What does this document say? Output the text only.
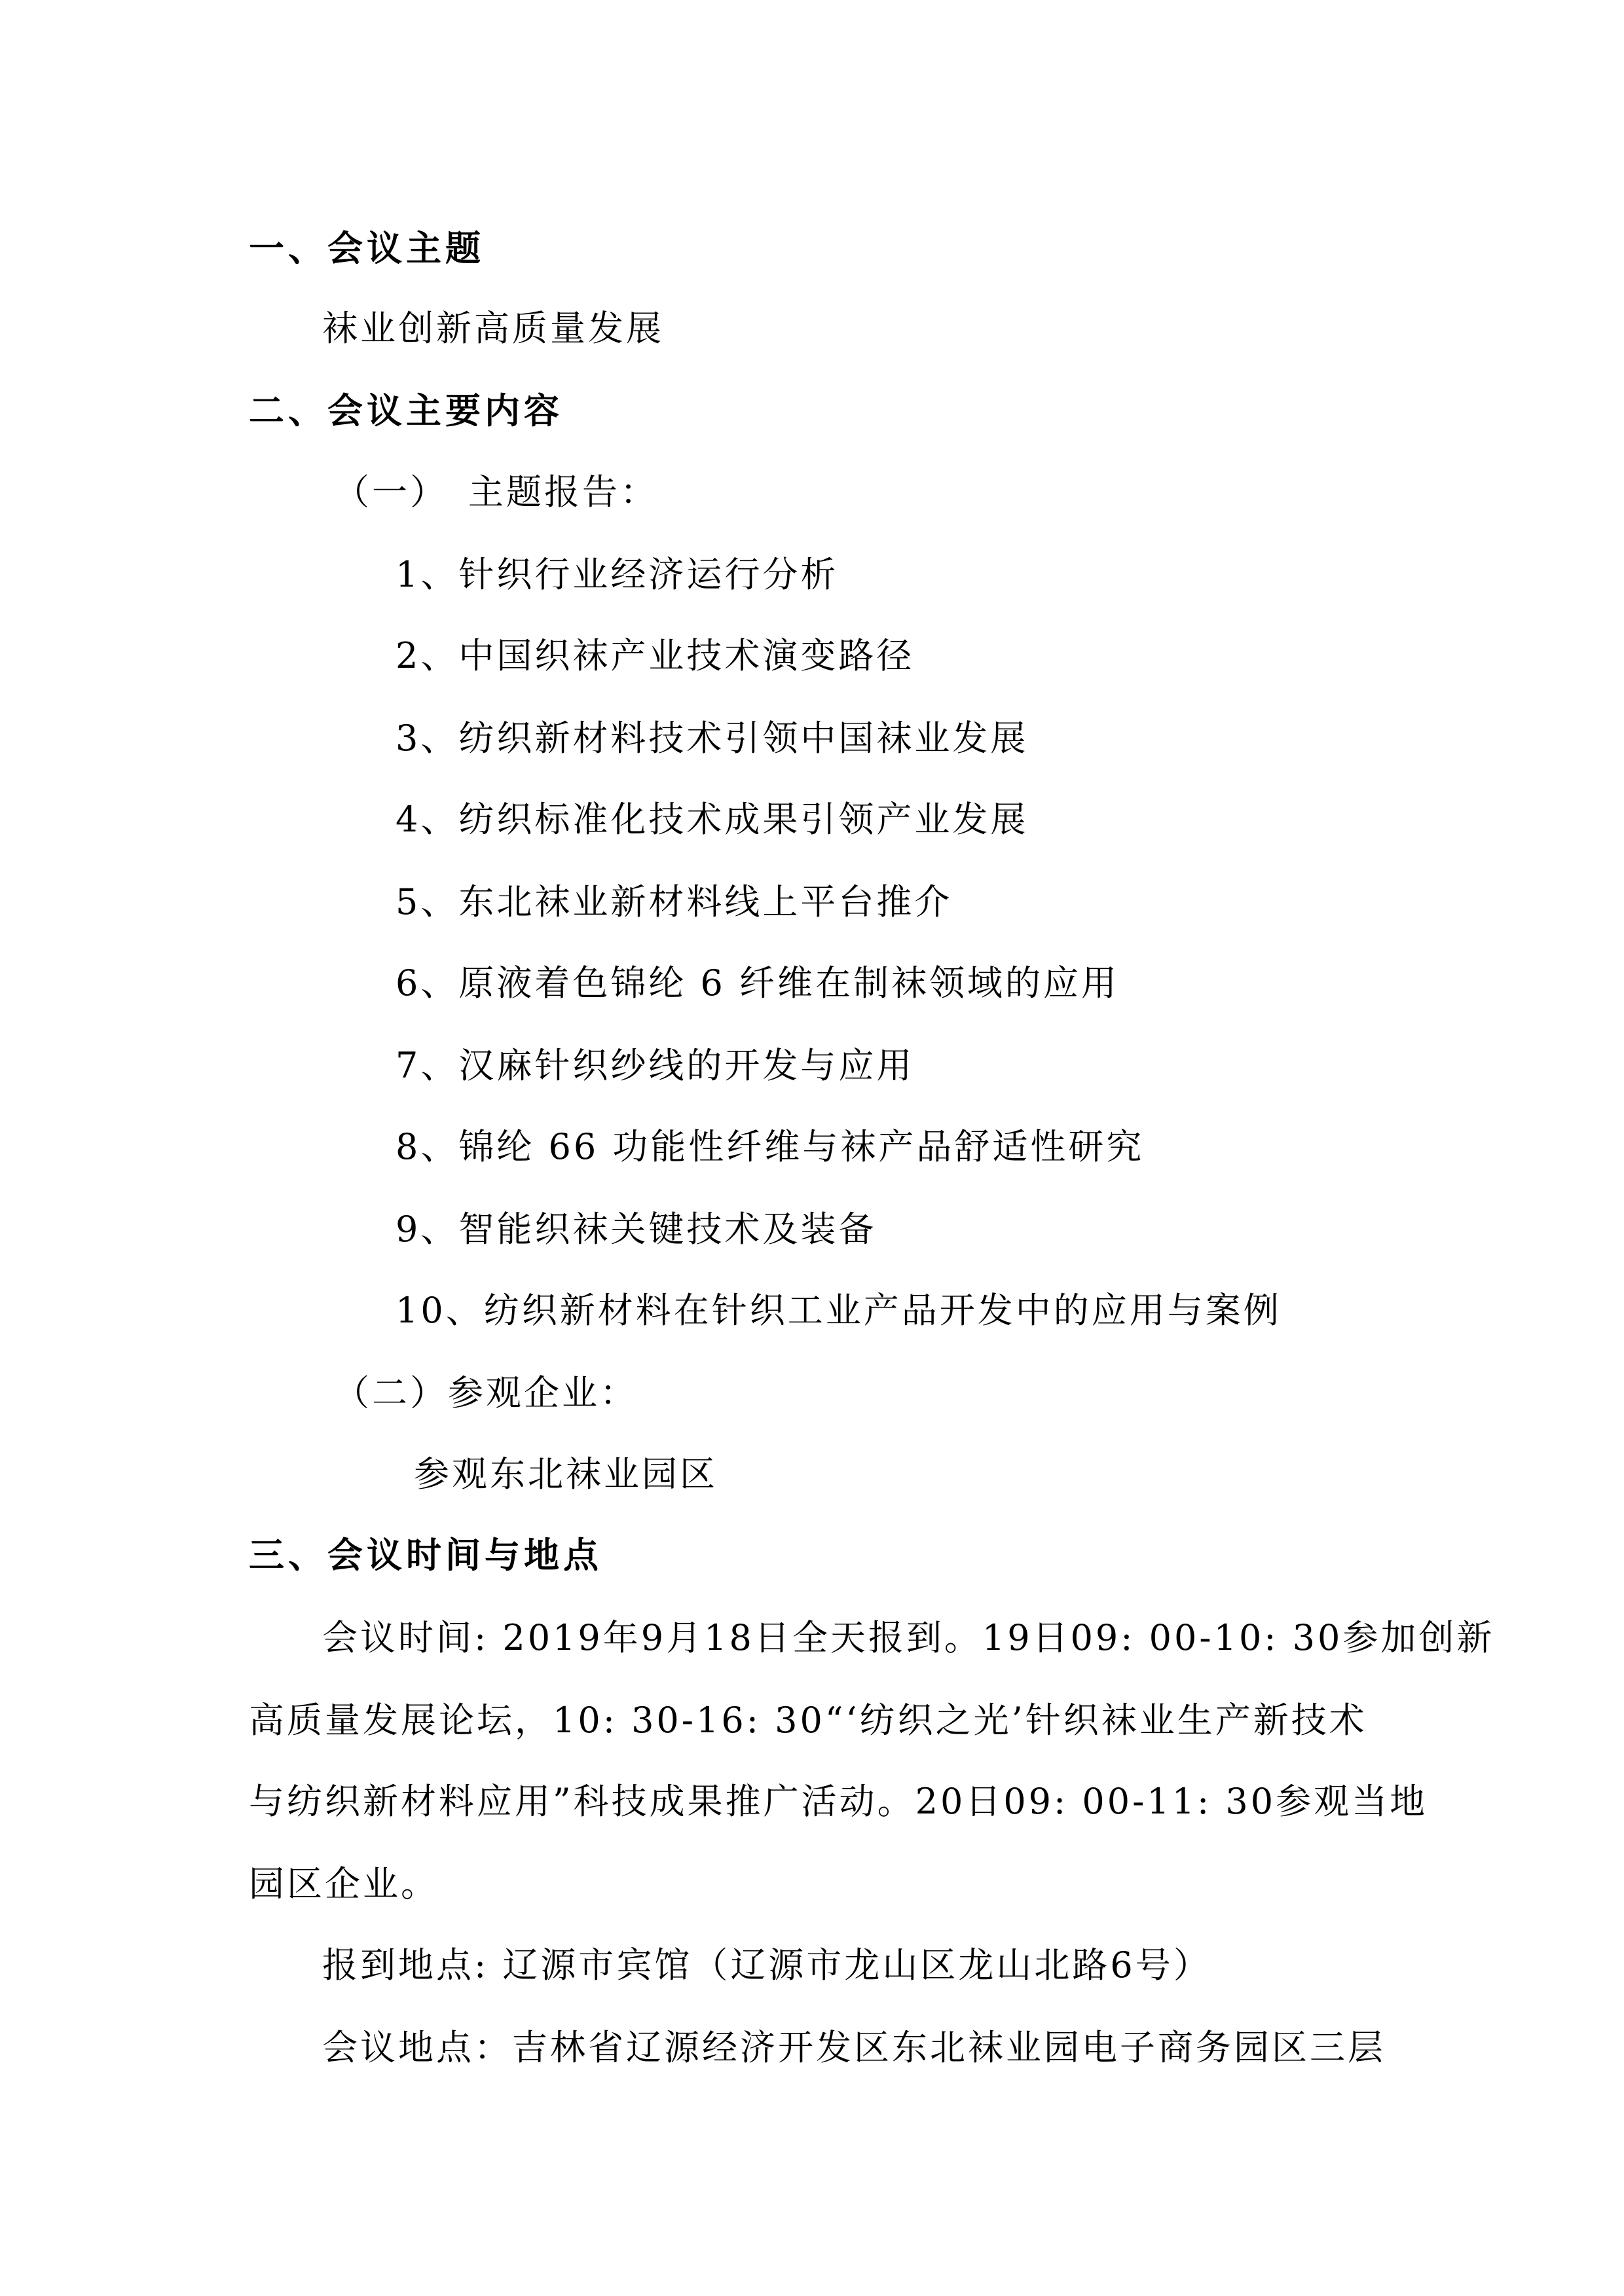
一、会议主题
袜业创新高质量发展
二、会议主要内容
（一）　主题报告：
1、针织行业经济运行分析
2、中国织袜产业技术演变路径
3、纺织新材料技术引领中国袜业发展
4、纺织标准化技术成果引领产业发展
5、东北袜业新材料线上平台推介
6、原液着色锦纶 6 纤维在制袜领域的应用
7、汉麻针织纱线的开发与应用
8、锦纶 66 功能性纤维与袜产品舒适性研究
9、智能织袜关键技术及装备
10、纺织新材料在针织工业产品开发中的应用与案例
（二）参观企业：
参观东北袜业园区
三、会议时间与地点
会议时间: 2019年9月18日全天报到。19日09: 00-10: 30参加创新
高质量发展论坛，10: 30-16: 30“‘纺织之光’针织袜业生产新技术
与纺织新材料应用”科技成果推广活动。20日09: 00-11: 30参观当地
园区企业。
报到地点: 辽源市宾馆（辽源市龙山区龙山北路6号）
会议地点：吉林省辽源经济开发区东北袜业园电子商务园区三层
